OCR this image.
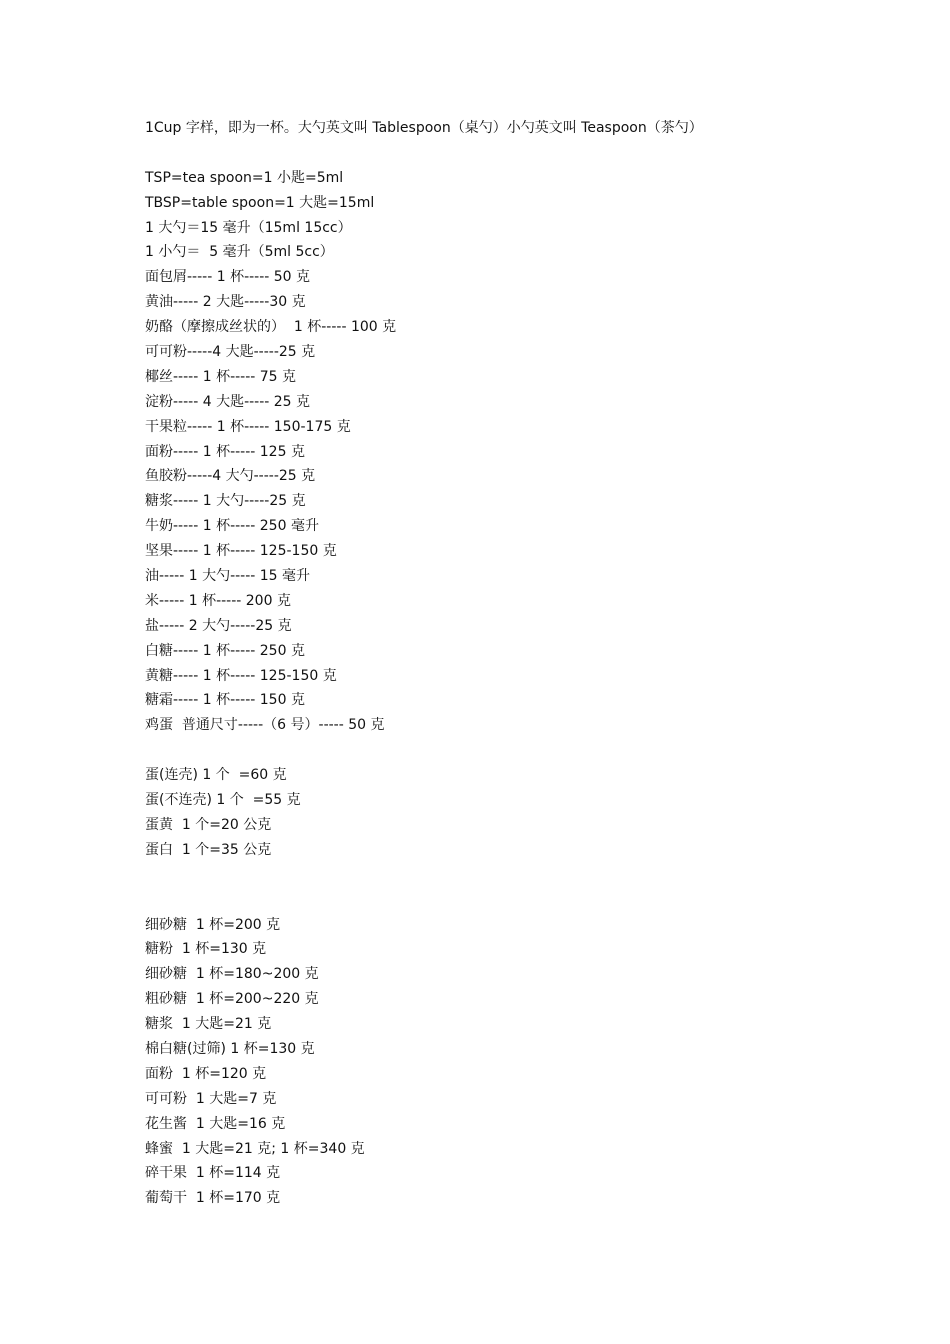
1Cup 字样，即为一杯。大勺英文叫 Tablespoon（桌勺）小勺英文叫 Teaspoon（茶勺）
TSP=tea spoon=1 小匙=5ml
TBSP=table spoon=1 大匙=15ml
1 大勺＝15 毫升（15ml 15cc）
1 小勺＝  5 毫升（5ml 5cc）
面包屑----- 1 杯----- 50 克
黄油----- 2 大匙-----30 克
奶酪（摩擦成丝状的）  1 杯----- 100 克
可可粉-----4 大匙-----25 克
椰丝----- 1 杯----- 75 克
淀粉----- 4 大匙----- 25 克
干果粒----- 1 杯----- 150-175 克
面粉----- 1 杯----- 125 克
鱼胶粉-----4 大勺-----25 克
糖浆----- 1 大勺-----25 克
牛奶----- 1 杯----- 250 毫升
坚果----- 1 杯----- 125-150 克
油----- 1 大勺----- 15 毫升
米----- 1 杯----- 200 克
盐----- 2 大勺-----25 克
白糖----- 1 杯----- 250 克
黄糖----- 1 杯----- 125-150 克
糖霜----- 1 杯----- 150 克
鸡蛋  普通尺寸-----（6 号）----- 50 克
蛋(连壳) 1 个  =60 克
蛋(不连壳) 1 个  =55 克
蛋黄  1 个=20 公克
蛋白  1 个=35 公克
细砂糖  1 杯=200 克
糖粉  1 杯=130 克
细砂糖  1 杯=180~200 克
粗砂糖  1 杯=200~220 克
糖浆  1 大匙=21 克
棉白糖(过筛) 1 杯=130 克
面粉  1 杯=120 克
可可粉  1 大匙=7 克
花生酱  1 大匙=16 克
蜂蜜  1 大匙=21 克; 1 杯=340 克
碎干果  1 杯=114 克
葡萄干  1 杯=170 克
